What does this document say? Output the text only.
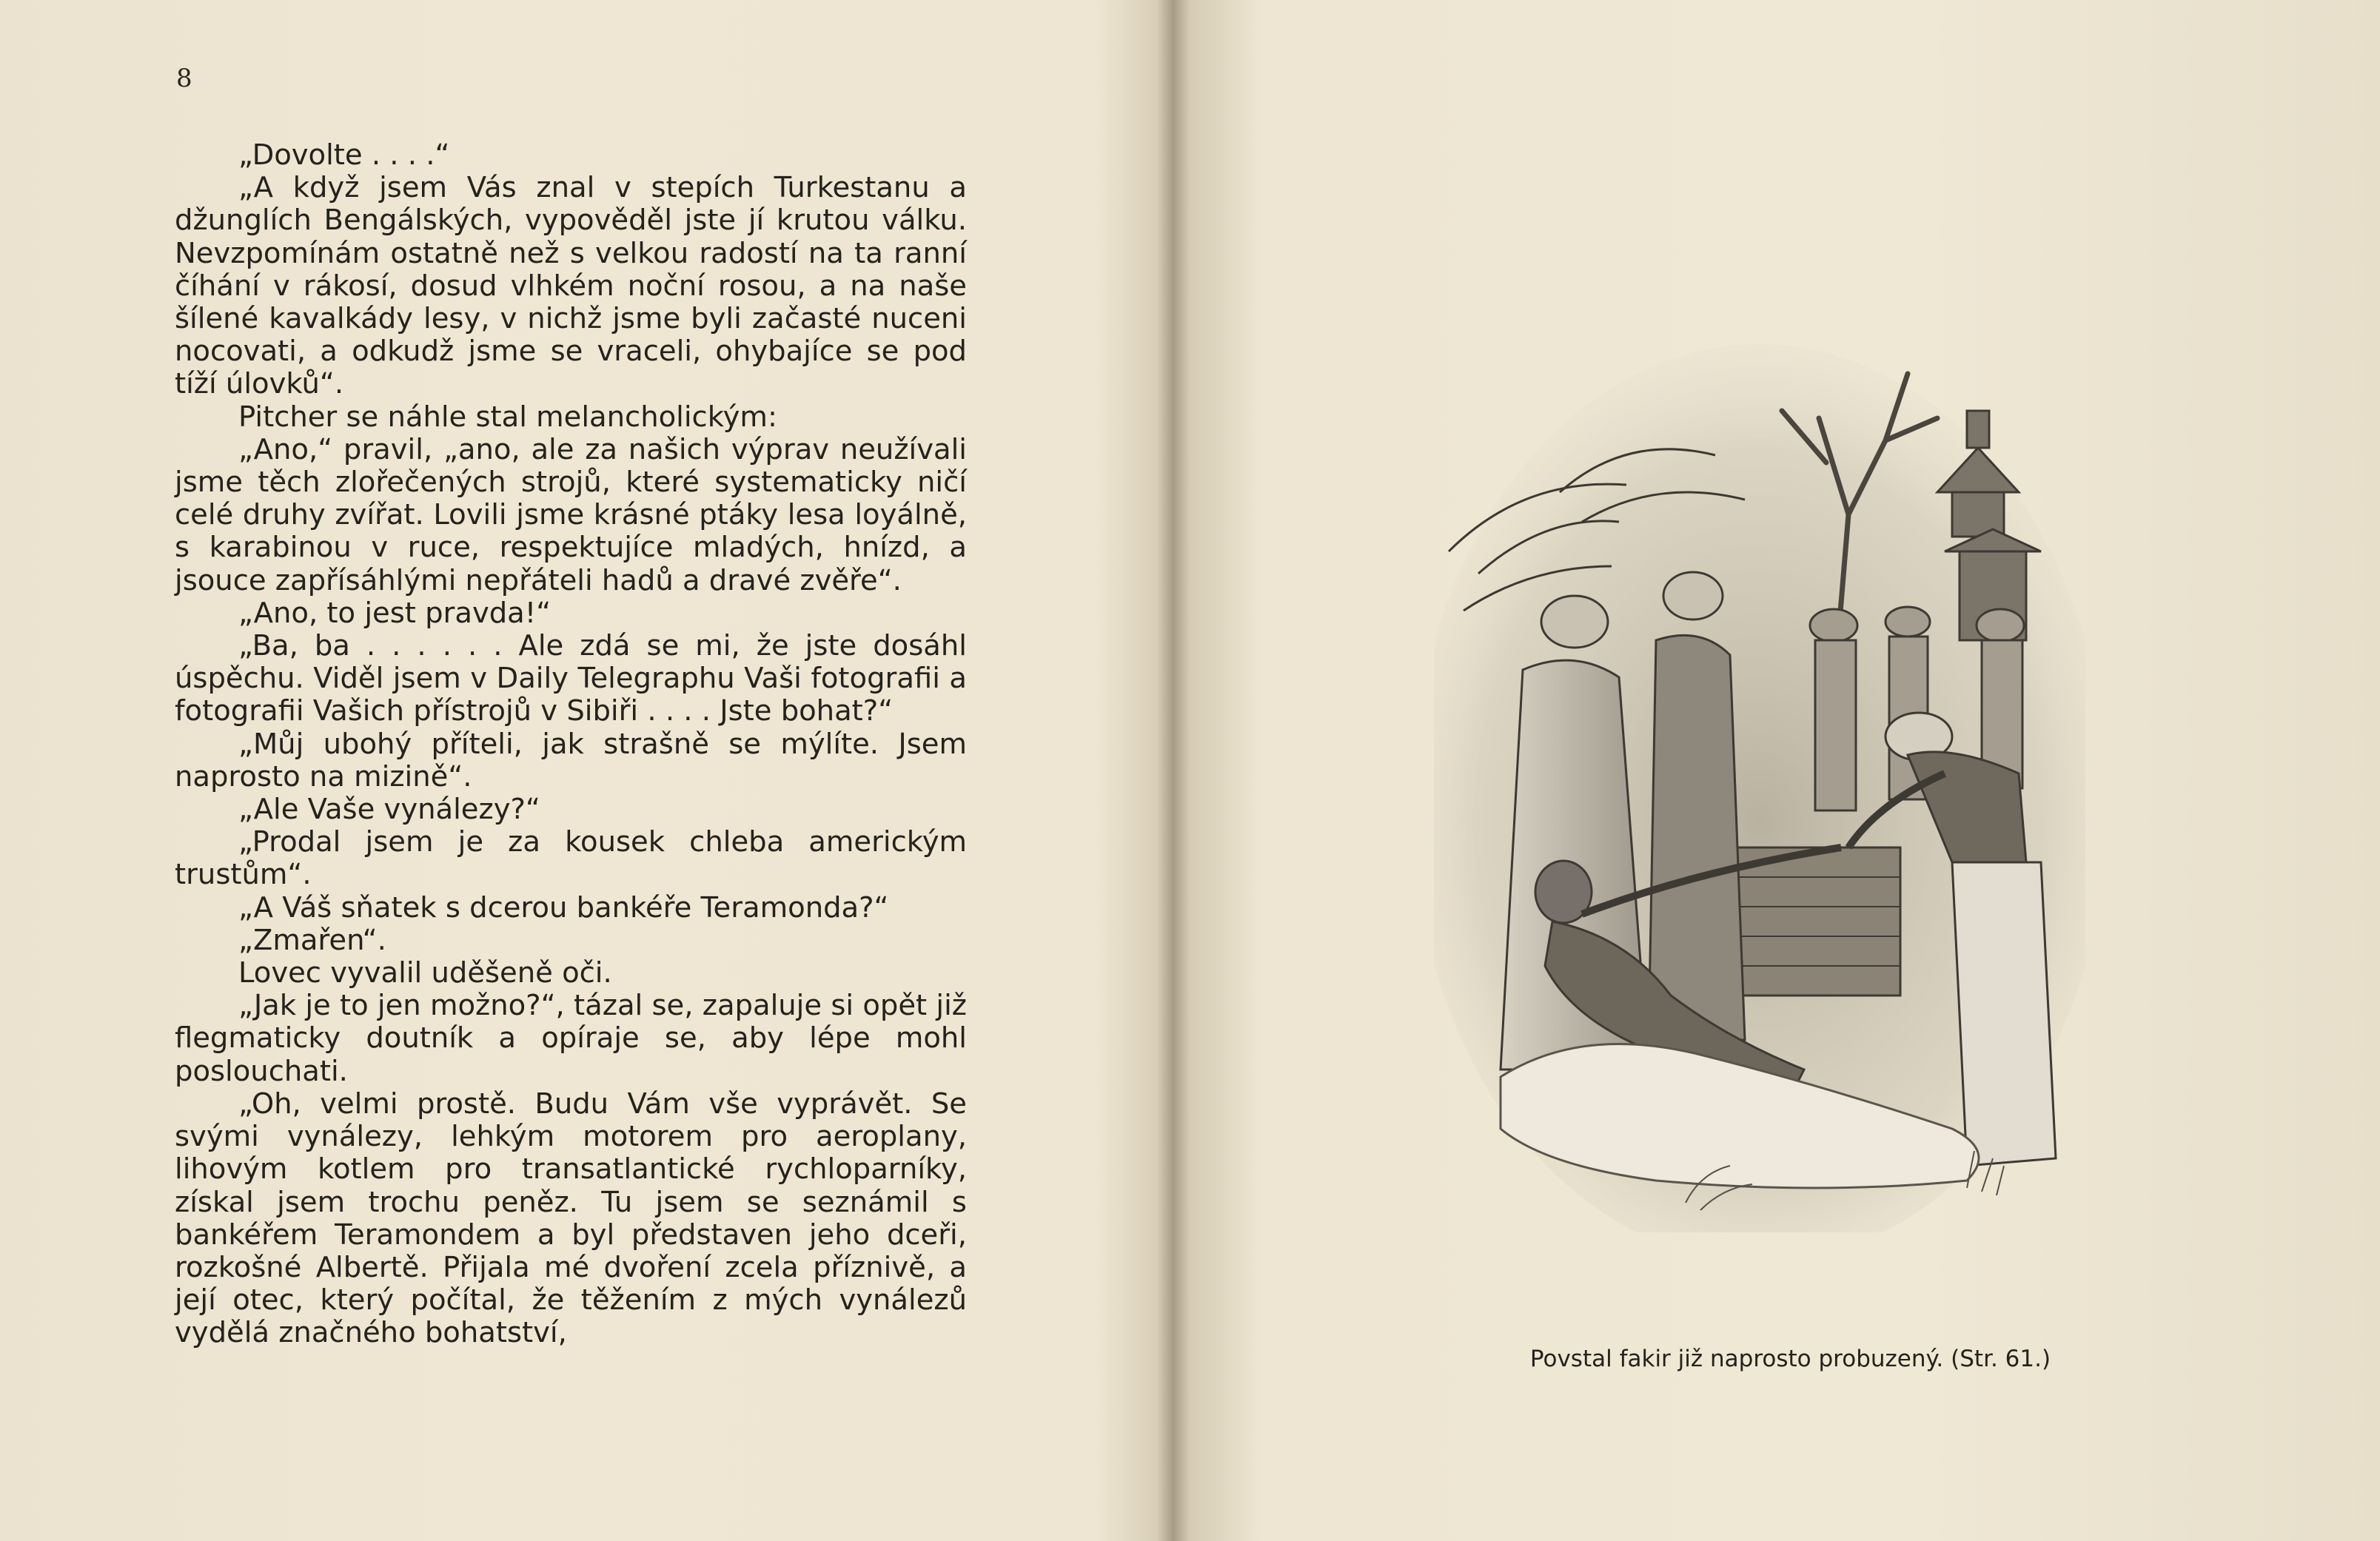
8

„Dovolte . . . .“

„A když jsem Vás znal v stepích Turkestanu a džunglích Bengálských, vypověděl jste jí krutou válku. Nevzpomínám ostatně než s velkou radostí na ta ranní číhání v rákosí, dosud vlhkém noční rosou, a na naše šílené kavalkády lesy, v nichž jsme byli začasté nuceni nocovati, a odkudž jsme se vraceli, ohybajíce se pod tíží úlovků“.

Pitcher se náhle stal melancholickým:

„Ano,“ pravil, „ano, ale za našich výprav neužívali jsme těch zlořečených strojů, které systematicky ničí celé druhy zvířat. Lovili jsme krásné ptáky lesa loyálně, s karabinou v ruce, respektujíce mladých, hnízd, a jsouce zapřísáhlými nepřáteli hadů a dravé zvěře“.

„Ano, to jest pravda!“

„Ba, ba . . . . . . Ale zdá se mi, že jste dosáhl úspěchu. Viděl jsem v Daily Telegraphu Vaši fotografii a fotografii Vašich přístrojů v Sibiři . . . . Jste bohat?“

„Můj ubohý příteli, jak strašně se mýlíte. Jsem naprosto na mizině“.

„Ale Vaše vynálezy?“

„Prodal jsem je za kousek chleba americkým trustům“.

„A Váš sňatek s dcerou bankéře Teramonda?“

„Zmařen“.

Lovec vyvalil uděšeně oči.

„Jak je to jen možno?“, tázal se, zapaluje si opět již flegmaticky doutník a opíraje se, aby lépe mohl poslouchati.

„Oh, velmi prostě. Budu Vám vše vyprávět. Se svými vynálezy, lehkým motorem pro aeroplany, lihovým kotlem pro transatlantické rychloparníky, získal jsem trochu peněz. Tu jsem se seznámil s bankéřem Teramondem a byl představen jeho dceři, rozkošné Albertě. Přijala mé dvoření zcela příznivě, a její otec, který počítal, že těžením z mých vynálezů vydělá značného bohatství,

Povstal fakir již naprosto probuzený. (Str. 61.)
